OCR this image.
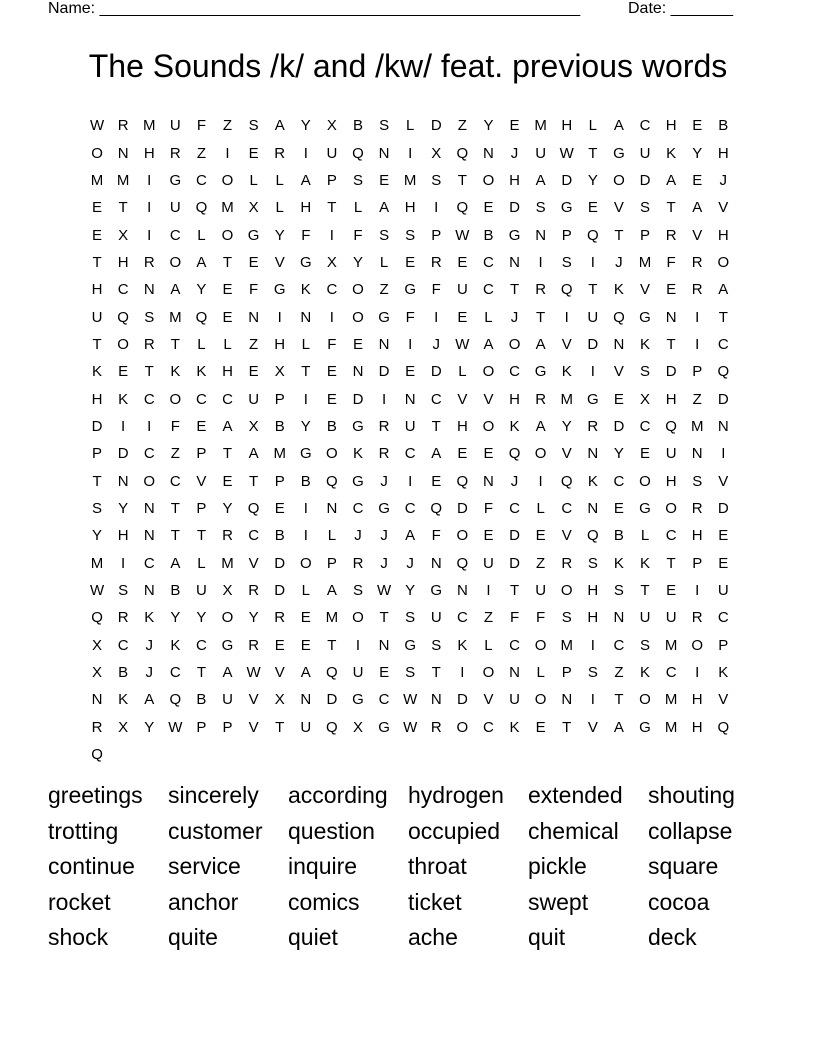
Name: ______________________________________________________	Date: _______
The Sounds /k/ and /kw/ feat. previous words
W R M U	F	Z	S	A	Y	X	B	S	L	D	Z	Y	E M H	L	A	C	H	E	B
O N	H	R	Z	I	E	R	I	U Q N	I	X	Q N	J	U W T	G U	K	Y	H
M M	I	G C O	L	L	A	P	S	E M S	T	O H	A	D	Y	O D	A	E	J
E	T	I	U Q M X	L	H	T	L	A	H	I	Q	E	D	S	G	E	V	S	T	A	V
E	X	I	C	L	O G	Y	F	I	F	S	S	P W B	G N	P	Q	T	P	R	V	H
T	H	R O	A	T	E	V	G	X	Y	L	E	R	E	C	N	I	S	I	J	M	F	R O
H	C	N	A	Y	E	F	G	K	C O	Z	G	F	U	C	T	R Q	T	K	V	E	R	A
U Q	S M Q	E	N	I	N	I	O G	F	I	E	L	J	T	I	U Q G N	I	T
T	O R	T	L	L	Z	H	L	F	E	N	I	J	W A	O	A	V	D	N	K	T	I	C
K	E	T	K	K	H	E	X	T	E	N	D	E	D	L	O C G	K	I	V	S	D	P	Q
H	K	C O C	C	U	P	I	E	D	I	N	C	V	V	H	R M G	E	X	H	Z	D
D	I	I	F	E	A	X	B	Y	B	G R	U	T	H O	K	A	Y	R	D	C Q M N
P	D	C	Z	P	T	A M G O	K	R	C	A	E	E	Q O	V	N	Y	E	U	N	I
T	N O C	V	E	T	P	B	Q G	J	I	E	Q N	J	I	Q	K	C O H	S	V
S	Y	N	T	P	Y	Q	E	I	N	C G C Q D	F	C	L	C	N	E	G O R	D
Y	H	N	T	T	R	C	B	I	L	J	J	A	F	O	E	D	E	V	Q	B	L	C	H	E
M	I	C	A	L	M V	D O	P	R	J	J	N Q U	D	Z	R	S	K	K	T	P	E
W S	N	B	U	X	R	D	L	A	S W Y	G N	I	T	U O H	S	T	E	I	U
Q R	K	Y	Y	O	Y	R	E M O	T	S	U	C	Z	F	F	S	H	N	U	U	R	C
X	C	J	K	C G R	E	E	T	I	N G	S	K	L	C O M	I	C	S M O	P
X	B	J	C	T	A W V	A	Q U	E	S	T	I	O N	L	P	S	Z	K	C	I	K
N	K	A	Q	B	U	V	X	N	D G C W N	D	V	U O N	I	T	O M H	V
R	X	Y W P	P	V	T	U Q	X	G W R O C	K	E	T	V	A	G M H Q
Q
greetings	sincerely	according hydrogen	extended	shouting
trotting	customer	question	occupied	chemical	collapse
continue	service	inquire	throat	pickle	square
rocket	anchor	comics	ticket	swept	cocoa
shock	quite	quiet	ache	quit	deck
